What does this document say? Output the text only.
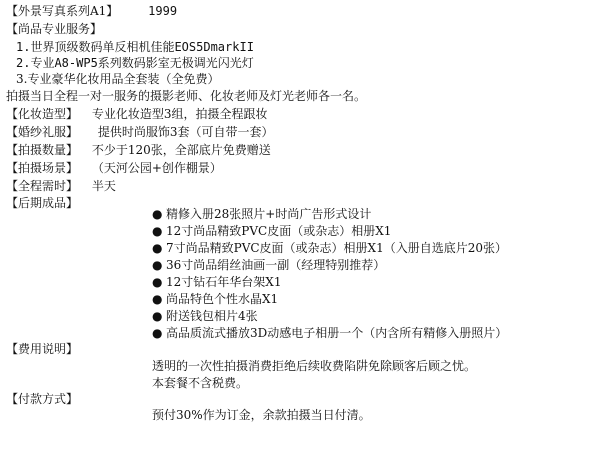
【外景写真系列A1】 1999
【尚品专业服务】
1.世界顶级数码单反相机佳能EOS5DmarkII
2.专业A8-WP5系列数码影室无极调光闪光灯
3.专业豪华化妆用品全套装（全免费）
拍摄当日全程一对一服务的摄影老师、化妆老师及灯光老师各一名。
【化妆造型】 专业化妆造型3组，拍摄全程跟妆
【婚纱礼服】 提供时尚服饰3套（可自带一套）
【拍摄数量】 不少于120张，全部底片免费赠送
【拍摄场景】 （天河公园+创作棚景）
【全程需时】 半天
【后期成品】
● 精修入册28张照片+时尚广告形式设计
● 12寸尚品精致PVC皮面（或杂志）相册X1
● 7寸尚品精致PVC皮面（或杂志）相册X1（入册自选底片20张）
● 36寸尚品绢丝油画一副（经理特别推荐）
● 12寸钻石年华台架X1
● 尚品特色个性水晶X1
● 附送钱包相片4张
● 高品质流式播放3D动感电子相册一个（内含所有精修入册照片）
【费用说明】
透明的一次性拍摄消费拒绝后续收费陷阱免除顾客后顾之忧。
本套餐不含税费。
【付款方式】
预付30%作为订金，余款拍摄当日付清。
